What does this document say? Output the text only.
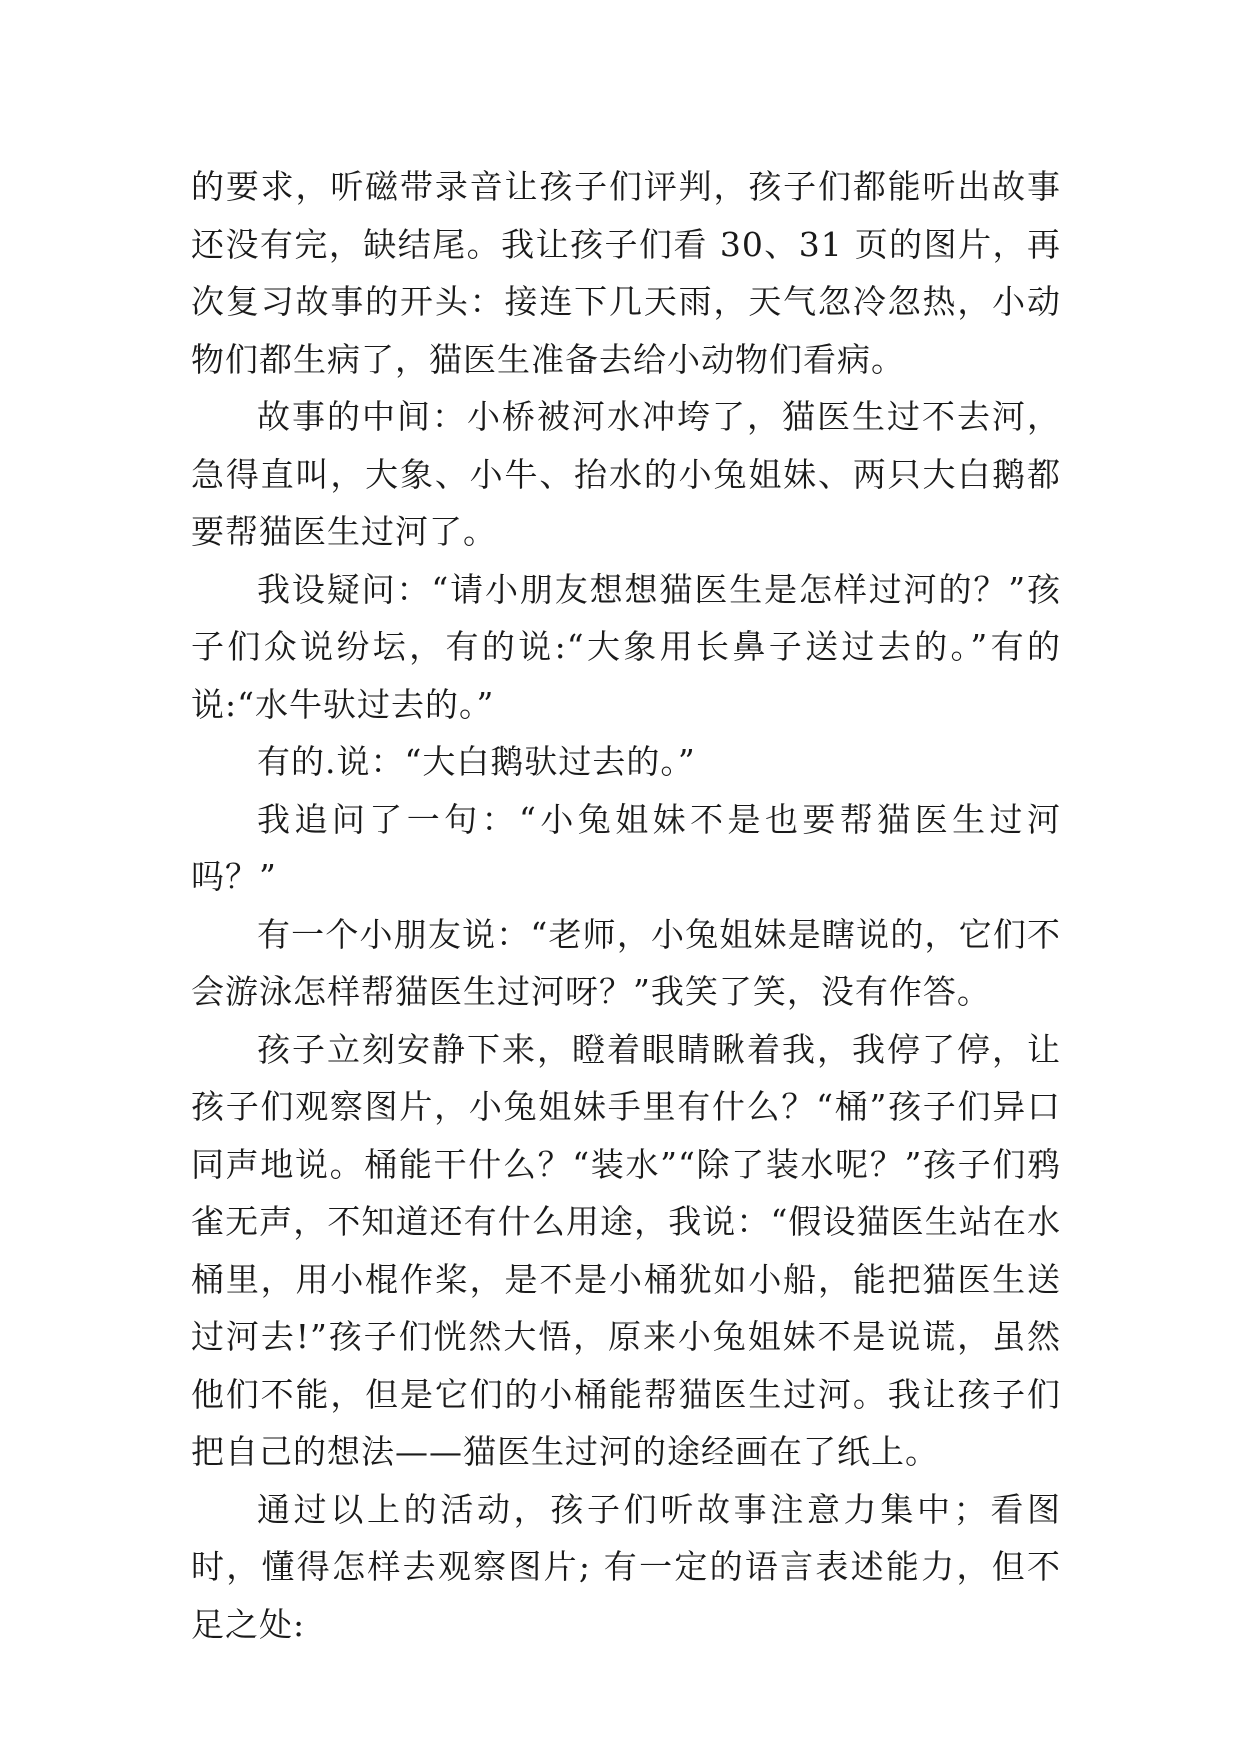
的要求，听磁带录音让孩子们评判，孩子们都能听出故事还没有完，缺结尾。我让孩子们看 30、31 页的图片，再次复习故事的开头：接连下几天雨，天气忽冷忽热，小动物们都生病了，猫医生准备去给小动物们看病。

故事的中间：小桥被河水冲垮了，猫医生过不去河，急得直叫，大象、小牛、抬水的小兔姐妹、两只大白鹅都要帮猫医生过河了。

我设疑问：“请小朋友想想猫医生是怎样过河的？”孩子们众说纷坛，有的说:“大象用长鼻子送过去的。”有的说:“水牛驮过去的。”

有的.说：“大白鹅驮过去的。”

我追问了一句：“小兔姐妹不是也要帮猫医生过河吗？”

有一个小朋友说：“老师，小兔姐妹是瞎说的，它们不会游泳怎样帮猫医生过河呀？”我笑了笑，没有作答。

孩子立刻安静下来，瞪着眼睛瞅着我，我停了停，让孩子们观察图片，小兔姐妹手里有什么？“桶”孩子们异口同声地说。桶能干什么？“装水”“除了装水呢？”孩子们鸦雀无声，不知道还有什么用途，我说：“假设猫医生站在水桶里，用小棍作桨，是不是小桶犹如小船，能把猫医生送过河去!”孩子们恍然大悟，原来小兔姐妹不是说谎，虽然他们不能，但是它们的小桶能帮猫医生过河。我让孩子们把自己的想法——猫医生过河的途经画在了纸上。

通过以上的活动，孩子们听故事注意力集中；看图时，懂得怎样去观察图片; 有一定的语言表述能力，但不足之处:
